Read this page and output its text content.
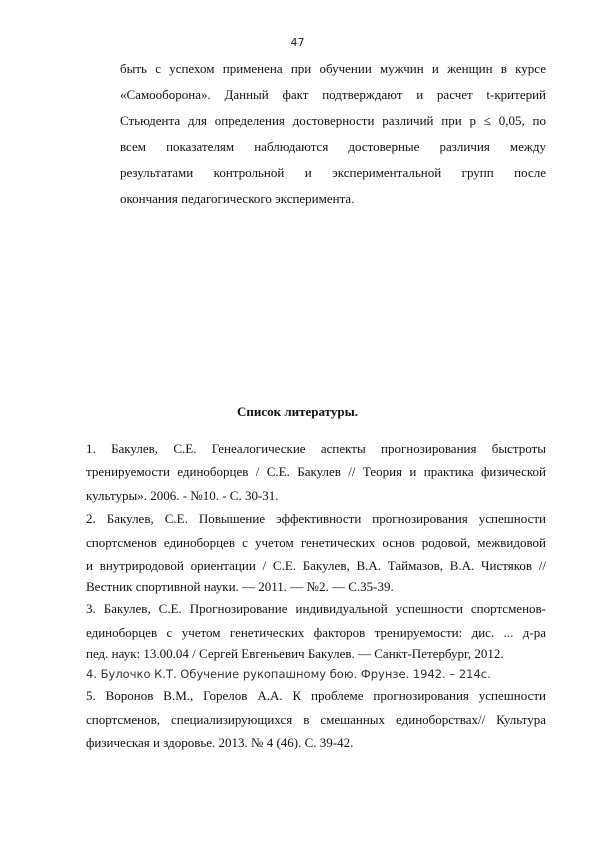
47
быть с успехом применена при обучении мужчин и женщин в курсе
«Самооборона». Данный факт подтверждают и расчет t-критерий
Стьюдента для определения достоверности различий при р ≤ 0,05, по
всем показателям наблюдаются достоверные различия между
результатами контрольной и экспериментальной групп после
окончания педагогического эксперимента.
Список литературы.
1. Бакулев, С.Е. Генеалогические аспекты прогнозирования быстроты
тренируемости единоборцев / С.Е. Бакулев // Теория и практика физической
культуры». 2006. - №10. - С. 30-31.
2. Бакулев, С.Е. Повышение эффективности прогнозирования успешности
спортсменов единоборцев с учетом генетических основ родовой, межвидовой
и внутриродовой ориентации / С.Е. Бакулев, В.А. Таймазов, В.А. Чистяков //
Вестник спортивной науки. — 2011. — №2. — С.35-39.
3. Бакулев, С.Е. Прогнозирование индивидуальной успешности спортсменов-
единоборцев с учетом генетических факторов тренируемости: дис. ... д-ра
пед. наук: 13.00.04 / Сергей Евгеньевич Бакулев. — Санкт-Петербург, 2012.
4. Булочко К.Т. Обучение рукопашному бою. Фрунзе. 1942. – 214с.
5. Воронов В.М., Горелов А.А. К проблеме прогнозирования успешности
спортсменов, специализирующихся в смешанных единоборствах// Культура
физическая и здоровье. 2013. № 4 (46). С. 39-42.
